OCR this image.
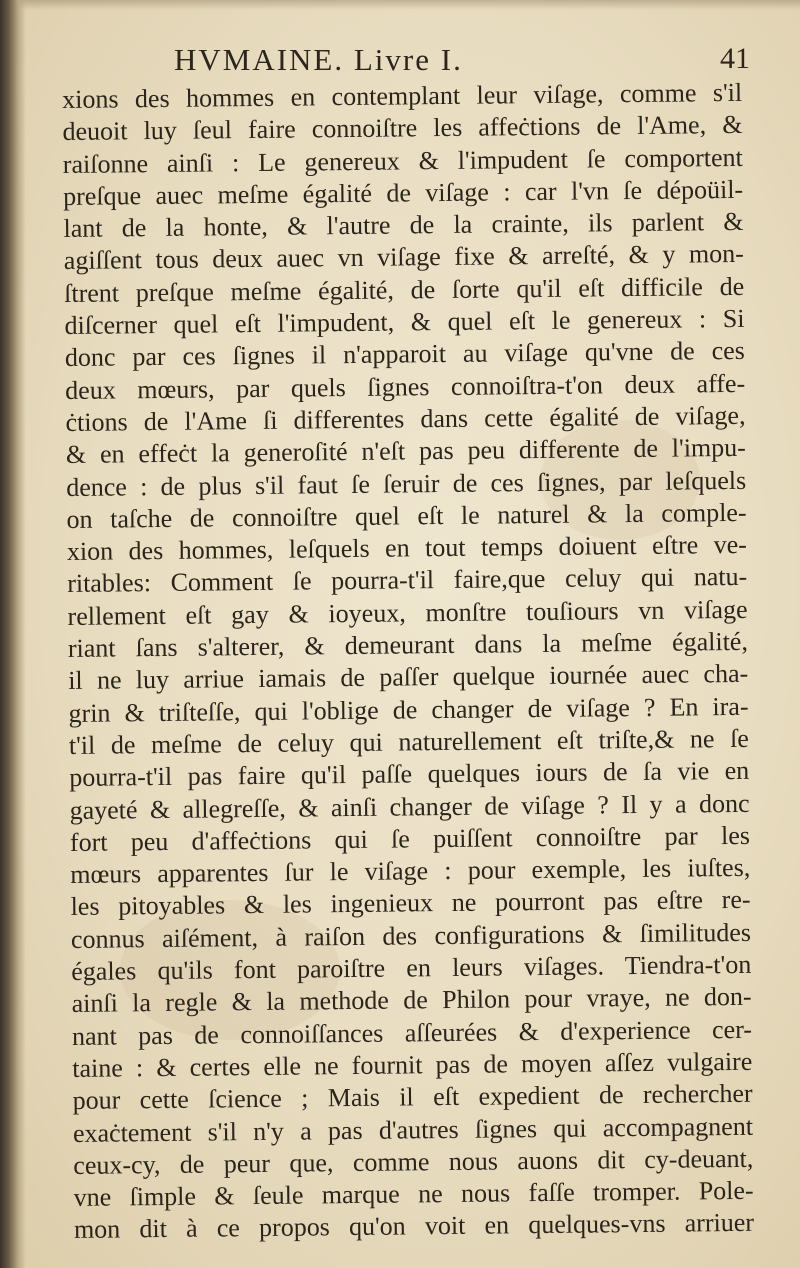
HVMAINE. Livre I.	41
xions des hommes en contemplant leur viſage, comme s'il
deuoit luy ſeul faire connoiſtre les affeċtions de l'Ame, &
raiſonne ainſi : Le genereux & l'impudent ſe comportent
preſque auec meſme égalité de viſage : car l'vn ſe dépoüil-
lant de la honte, & l'autre de la crainte, ils parlent &
agiſſent tous deux auec vn viſage fixe & arreſté, & y mon-
ſtrent preſque meſme égalité, de ſorte qu'il eſt difficile de
diſcerner quel eſt l'impudent, & quel eſt le genereux : Si
donc par ces ſignes il n'apparoit au viſage qu'vne de ces
deux mœurs, par quels ſignes connoiſtra-t'on deux affe-
ċtions de l'Ame ſi differentes dans cette égalité de viſage,
& en effeċt la generoſité n'eſt pas peu differente de l'impu-
dence : de plus s'il faut ſe ſeruir de ces ſignes, par leſquels
on taſche de connoiſtre quel eſt le naturel & la comple-
xion des hommes, leſquels en tout temps doiuent eſtre ve-
ritables: Comment ſe pourra-t'il faire,que celuy qui natu-
rellement eſt gay & ioyeux, monſtre touſiours vn viſage
riant ſans s'alterer, & demeurant dans la meſme égalité,
il ne luy arriue iamais de paſſer quelque iournée auec cha-
grin & triſteſſe, qui l'oblige de changer de viſage ? En ira-
t'il de meſme de celuy qui naturellement eſt triſte,& ne ſe
pourra-t'il pas faire qu'il paſſe quelques iours de ſa vie en
gayeté & allegreſſe, & ainſi changer de viſage ? Il y a donc
fort peu d'affeċtions qui ſe puiſſent connoiſtre par les
mœurs apparentes ſur le viſage : pour exemple, les iuſtes,
les pitoyables & les ingenieux ne pourront pas eſtre re-
connus aiſément, à raiſon des configurations & ſimilitudes
égales qu'ils font paroiſtre en leurs viſages. Tiendra-t'on
ainſi la regle & la methode de Philon pour vraye, ne don-
nant pas de connoiſſances aſſeurées & d'experience cer-
taine : & certes elle ne fournit pas de moyen aſſez vulgaire
pour cette ſcience ; Mais il eſt expedient de rechercher
exaċtement s'il n'y a pas d'autres ſignes qui accompagnent
ceux-cy, de peur que, comme nous auons dit cy-deuant,
vne ſimple & ſeule marque ne nous faſſe tromper. Pole-
mon dit à ce propos qu'on voit en quelques-vns arriuer
